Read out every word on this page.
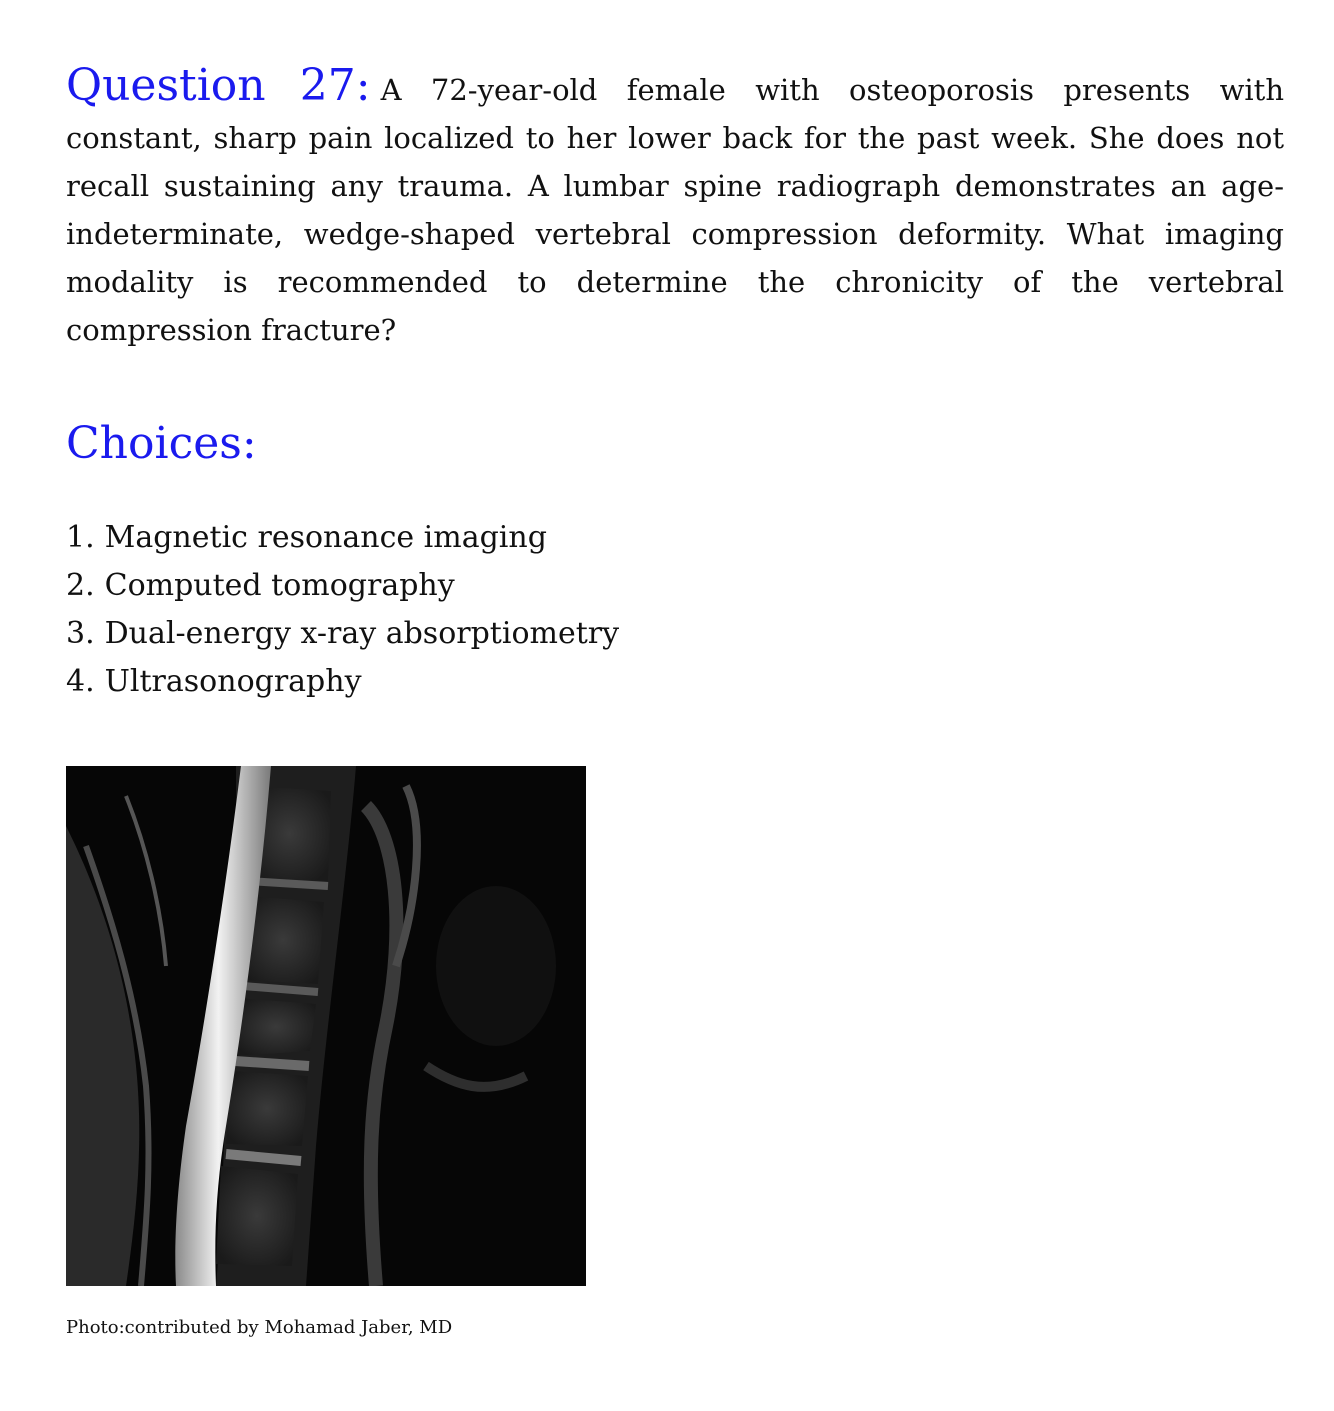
Question 27: A 72-year-old female with osteoporosis presents with constant, sharp pain localized to her lower back for the past week. She does not recall sustaining any trauma. A lumbar spine radiograph demonstrates an age-indeterminate, wedge-shaped vertebral compression deformity. What imaging modality is recommended to determine the chronicity of the vertebral compression fracture?

Choices:
1. Magnetic resonance imaging
2. Computed tomography
3. Dual-energy x-ray absorptiometry
4. Ultrasonography
Photo:contributed by Mohamad Jaber, MD
